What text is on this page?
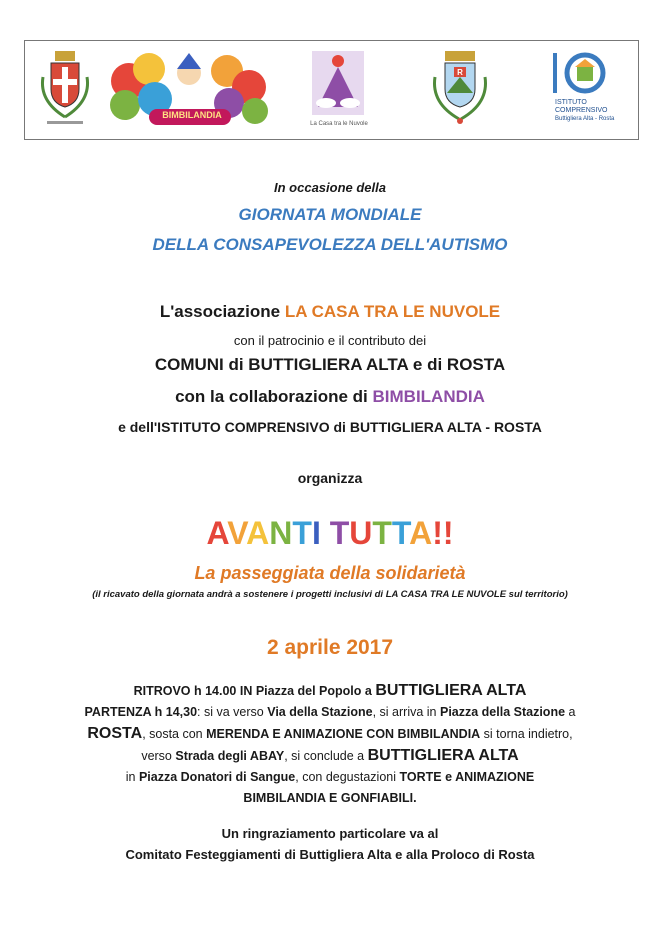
BIMBILANDIA
La Casa tra le Nuvole
R
ISTITUTO
COMPRENSIVO
Buttigliera Alta - Rosta
In occasione della
GIORNATA MONDIALE
DELLA CONSAPEVOLEZZA DELL'AUTISMO
L'associazione LA CASA TRA LE NUVOLE
con il patrocinio e il contributo dei
COMUNI di BUTTIGLIERA ALTA e di ROSTA
con la collaborazione di BIMBILANDIA
e dell'ISTITUTO COMPRENSIVO di BUTTIGLIERA ALTA - ROSTA
organizza
AVANTI TUTTA!!
La passeggiata della solidarietà
(il ricavato della giornata andrà a sostenere i progetti inclusivi di LA CASA TRA LE NUVOLE sul territorio)
2 aprile 2017
RITROVO h 14.00 IN Piazza del Popolo a BUTTIGLIERA ALTA
PARTENZA h 14,30: si va verso Via della Stazione, si arriva in Piazza della Stazione a
ROSTA, sosta con MERENDA E ANIMAZIONE CON BIMBILANDIA si torna indietro,
verso Strada degli ABAY, si conclude a BUTTIGLIERA ALTA
in Piazza Donatori di Sangue, con degustazioni TORTE e ANIMAZIONE
BIMBILANDIA E GONFIABILI.
Un ringraziamento particolare va al
Comitato Festeggiamenti di Buttigliera Alta e alla Proloco di Rosta
